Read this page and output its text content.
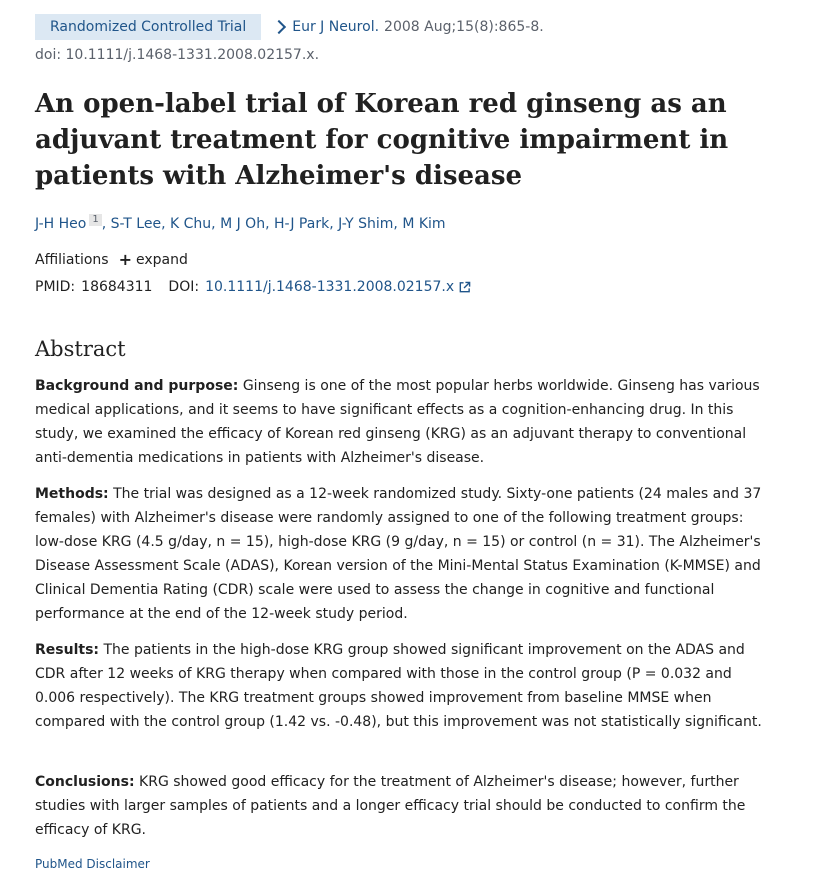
Randomized Controlled Trial	Eur J Neurol. 2008 Aug;15(8):865-8.
doi: 10.1111/j.1468-1331.2008.02157.x.
An open-label trial of Korean red ginseng as an adjuvant treatment for cognitive impairment in patients with Alzheimer's disease
J-H Heo $^1$ , S-T Lee, K Chu, M J Oh, H-J Park, J-Y Shim, M Kim
Affiliations + expand
PMID: 18684311 DOI: 10.1111/j.1468-1331.2008.02157.x
Abstract

Background and purpose: Ginseng is one of the most popular herbs worldwide. Ginseng has various medical applications, and it seems to have significant effects as a cognition-enhancing drug. In this study, we examined the efficacy of Korean red ginseng (KRG) as an adjuvant therapy to conventional anti-dementia medications in patients with Alzheimer's disease.

Methods: The trial was designed as a 12-week randomized study. Sixty-one patients (24 males and 37 females) with Alzheimer's disease were randomly assigned to one of the following treatment groups: low-dose KRG (4.5 g/day, n = 15), high-dose KRG (9 g/day, n = 15) or control (n = 31). The Alzheimer's Disease Assessment Scale (ADAS), Korean version of the Mini-Mental Status Examination (K-MMSE) and Clinical Dementia Rating (CDR) scale were used to assess the change in cognitive and functional performance at the end of the 12-week study period.

Results: The patients in the high-dose KRG group showed significant improvement on the ADAS and CDR after 12 weeks of KRG therapy when compared with those in the control group (P = 0.032 and 0.006 respectively). The KRG treatment groups showed improvement from baseline MMSE when compared with the control group (1.42 vs. -0.48), but this improvement was not statistically significant.

Conclusions: KRG showed good efficacy for the treatment of Alzheimer's disease; however, further studies with larger samples of patients and a longer efficacy trial should be conducted to confirm the efficacy of KRG.

PubMed Disclaimer
